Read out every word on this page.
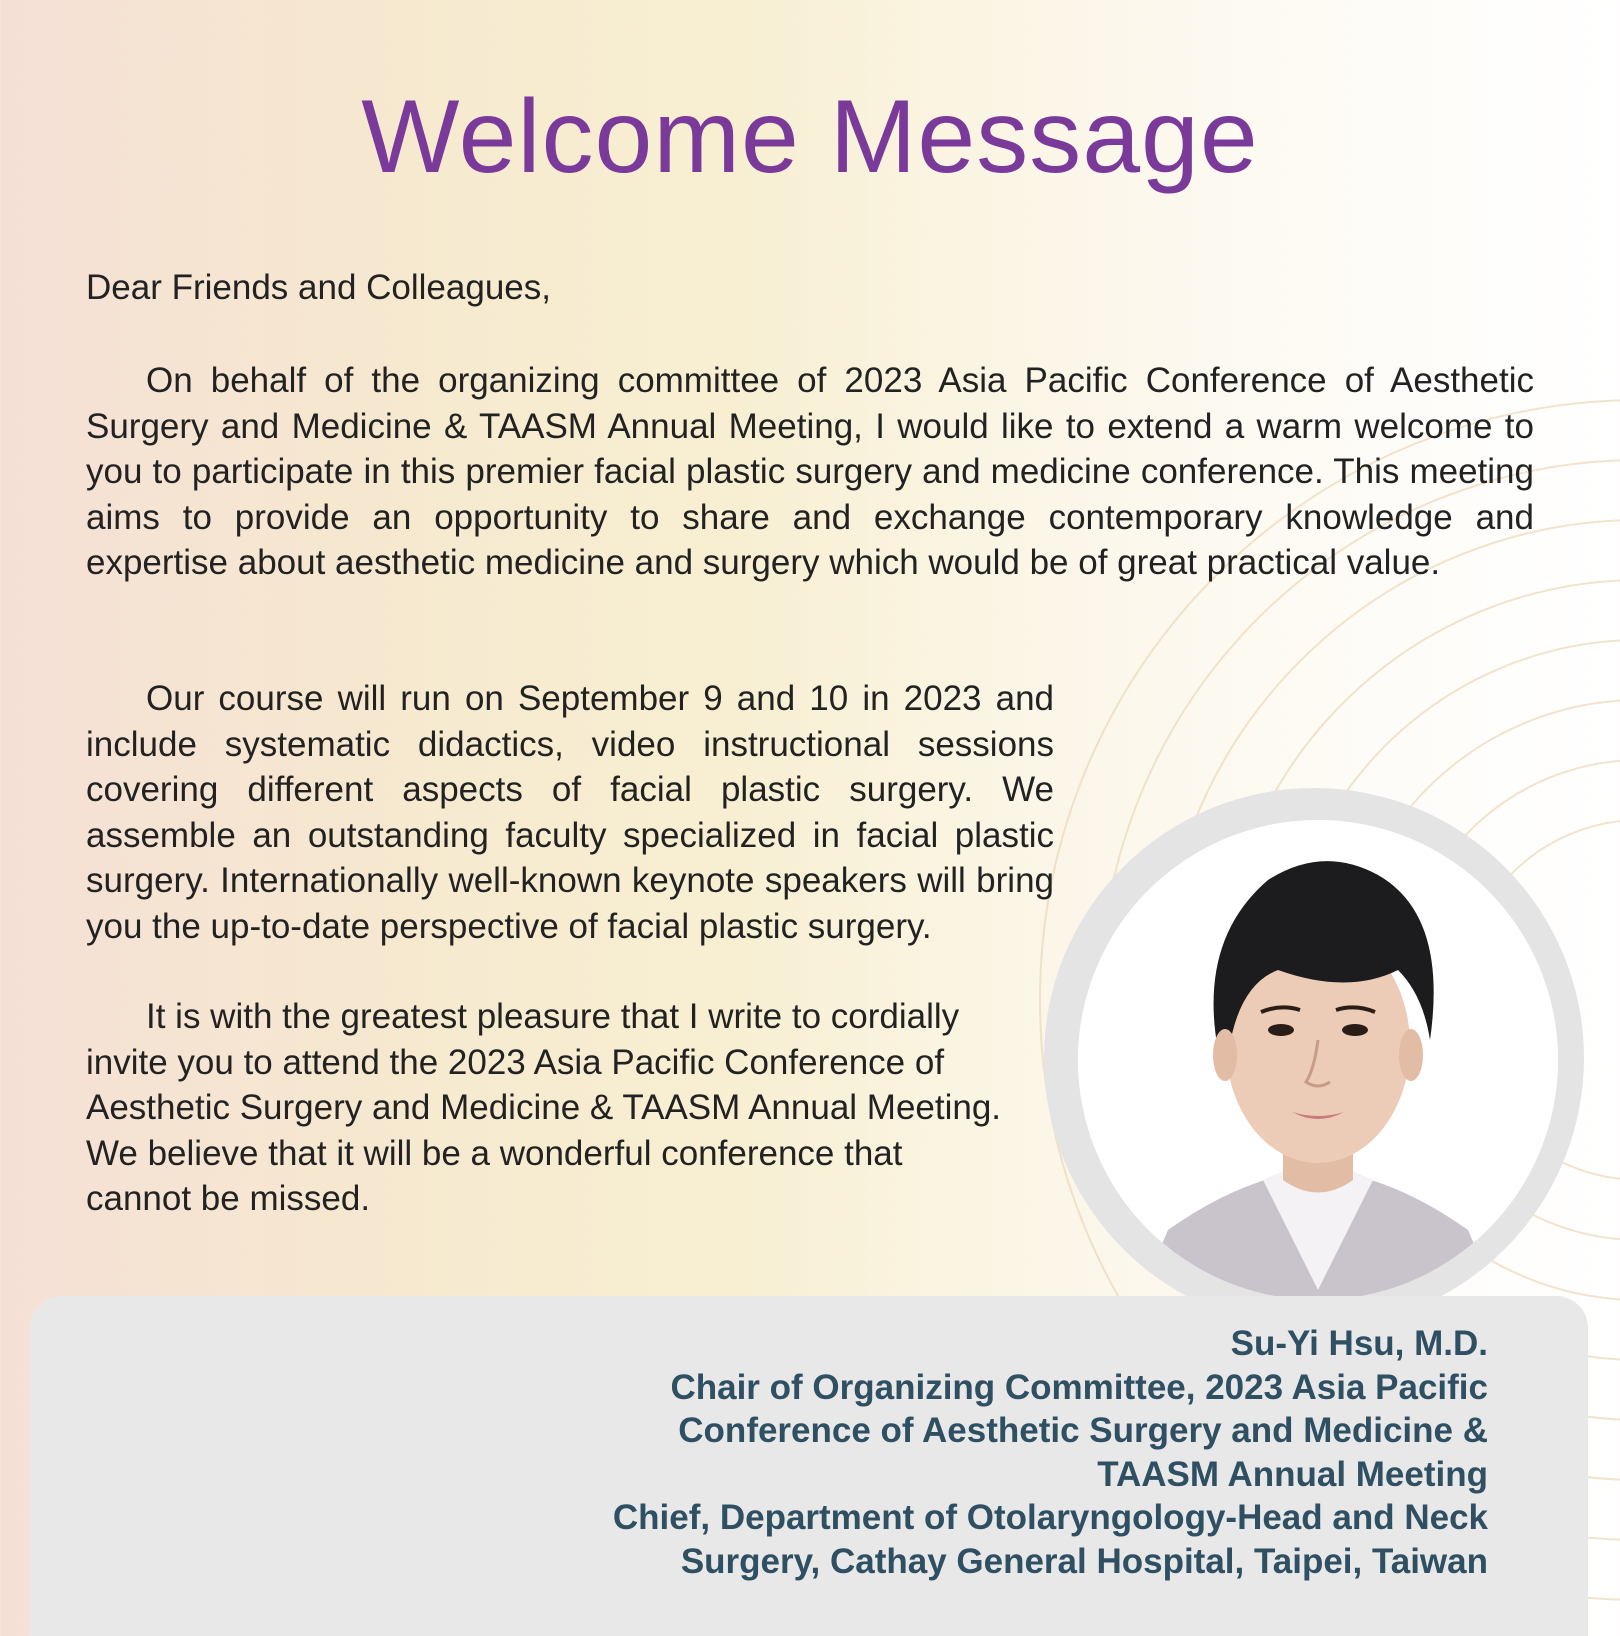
Welcome Message
Dear Friends and Colleagues,

On behalf of the organizing committee of 2023 Asia Pacific Conference of Aesthetic Surgery and Medicine & TAASM Annual Meeting, I would like to extend a warm welcome to you to participate in this premier facial plastic surgery and medicine conference. This meeting aims to provide an opportunity to share and exchange contemporary knowledge and expertise about aesthetic medicine and surgery which would be of great practical value.

Our course will run on September 9 and 10 in 2023 and include systematic didactics, video instructional sessions covering different aspects of facial plastic surgery. We assemble an outstanding faculty specialized in facial plastic surgery. Internationally well-known keynote speakers will bring you the up-to-date perspective of facial plastic surgery.

It is with the greatest pleasure that I write to cordially invite you to attend the 2023 Asia Pacific Conference of Aesthetic Surgery and Medicine & TAASM Annual Meeting. We believe that it will be a wonderful conference that cannot be missed.

Su-Yi Hsu, M.D.
Chair of Organizing Committee, 2023 Asia Pacific
Conference of Aesthetic Surgery and Medicine &
TAASM Annual Meeting
Chief, Department of Otolaryngology-Head and Neck
Surgery, Cathay General Hospital, Taipei, Taiwan
